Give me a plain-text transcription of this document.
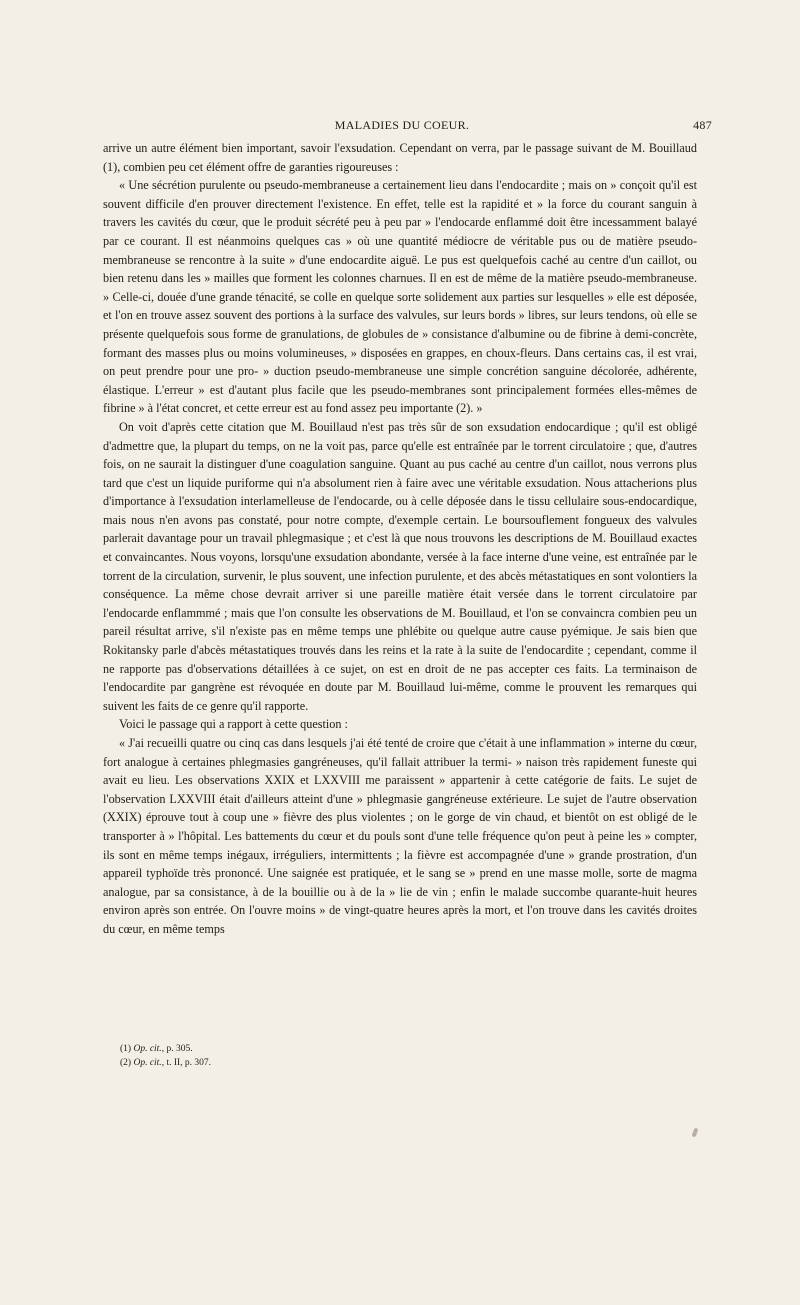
MALADIES DU COEUR.	487

arrive un autre élément bien important, savoir l'exsudation. Cependant on verra, par le passage suivant de M. Bouillaud (1), combien peu cet élément offre de garanties rigoureuses :

« Une sécrétion purulente ou pseudo-membraneuse a certainement lieu dans l'endocardite ; mais on » conçoit qu'il est souvent difficile d'en prouver directement l'existence. En effet, telle est la rapidité et » la force du courant sanguin à travers les cavités du cœur, que le produit sécrété peu à peu par » l'endocarde enflammé doit être incessamment balayé par ce courant. Il est néanmoins quelques cas » où une quantité médiocre de véritable pus ou de matière pseudo-membraneuse se rencontre à la suite » d'une endocardite aiguë. Le pus est quelquefois caché au centre d'un caillot, ou bien retenu dans les » mailles que forment les colonnes charnues. Il en est de même de la matière pseudo-membraneuse. » Celle-ci, douée d'une grande ténacité, se colle en quelque sorte solidement aux parties sur lesquelles » elle est déposée, et l'on en trouve assez souvent des portions à la surface des valvules, sur leurs bords » libres, sur leurs tendons, où elle se présente quelquefois sous forme de granulations, de globules de » consistance d'albumine ou de fibrine à demi-concrète, formant des masses plus ou moins volumineuses, » disposées en grappes, en choux-fleurs. Dans certains cas, il est vrai, on peut prendre pour une pro- » duction pseudo-membraneuse une simple concrétion sanguine décolorée, adhérente, élastique. L'erreur » est d'autant plus facile que les pseudo-membranes sont principalement formées elles-mêmes de fibrine » à l'état concret, et cette erreur est au fond assez peu importante (2). »

On voit d'après cette citation que M. Bouillaud n'est pas très sûr de son exsudation endocardique ; qu'il est obligé d'admettre que, la plupart du temps, on ne la voit pas, parce qu'elle est entraînée par le torrent circulatoire ; que, d'autres fois, on ne saurait la distinguer d'une coagulation sanguine. Quant au pus caché au centre d'un caillot, nous verrons plus tard que c'est un liquide puriforme qui n'a absolument rien à faire avec une véritable exsudation. Nous attacherions plus d'importance à l'exsudation interlamelleuse de l'endocarde, ou à celle déposée dans le tissu cellulaire sous-endocardique, mais nous n'en avons pas constaté, pour notre compte, d'exemple certain. Le boursouflement fongueux des valvules parlerait davantage pour un travail phlegmasique ; et c'est là que nous trouvons les descriptions de M. Bouillaud exactes et convaincantes. Nous voyons, lorsqu'une exsudation abondante, versée à la face interne d'une veine, est entraînée par le torrent de la circulation, survenir, le plus souvent, une infection purulente, et des abcès métastatiques en sont volontiers la conséquence. La même chose devrait arriver si une pareille matière était versée dans le torrent circulatoire par l'endocarde enflammmé ; mais que l'on consulte les observations de M. Bouillaud, et l'on se convaincra combien peu un pareil résultat arrive, s'il n'existe pas en même temps une phlébite ou quelque autre cause pyémique. Je sais bien que Rokitansky parle d'abcès métastatiques trouvés dans les reins et la rate à la suite de l'endocardite ; cependant, comme il ne rapporte pas d'observations détaillées à ce sujet, on est en droit de ne pas accepter ces faits. La terminaison de l'endocardite par gangrène est révoquée en doute par M. Bouillaud lui-même, comme le prouvent les remarques qui suivent les faits de ce genre qu'il rapporte.

Voici le passage qui a rapport à cette question :

« J'ai recueilli quatre ou cinq cas dans lesquels j'ai été tenté de croire que c'était à une inflammation » interne du cœur, fort analogue à certaines phlegmasies gangréneuses, qu'il fallait attribuer la termi- » naison très rapidement funeste qui avait eu lieu. Les observations XXIX et LXXVIII me paraissent » appartenir à cette catégorie de faits. Le sujet de l'observation LXXVIII était d'ailleurs atteint d'une » phlegmasie gangréneuse extérieure. Le sujet de l'autre observation (XXIX) éprouve tout à coup une » fièvre des plus violentes ; on le gorge de vin chaud, et bientôt on est obligé de le transporter à » l'hôpital. Les battements du cœur et du pouls sont d'une telle fréquence qu'on peut à peine les » compter, ils sont en même temps inégaux, irréguliers, intermittents ; la fièvre est accompagnée d'une » grande prostration, d'un appareil typhoïde très prononcé. Une saignée est pratiquée, et le sang se » prend en une masse molle, sorte de magma analogue, par sa consistance, à de la bouillie ou à de la » lie de vin ; enfin le malade succombe quarante-huit heures environ après son entrée. On l'ouvre moins » de vingt-quatre heures après la mort, et l'on trouve dans les cavités droites du cœur, en même temps

(1) Op. cit., p. 305.
(2) Op. cit., t. II, p. 307.
